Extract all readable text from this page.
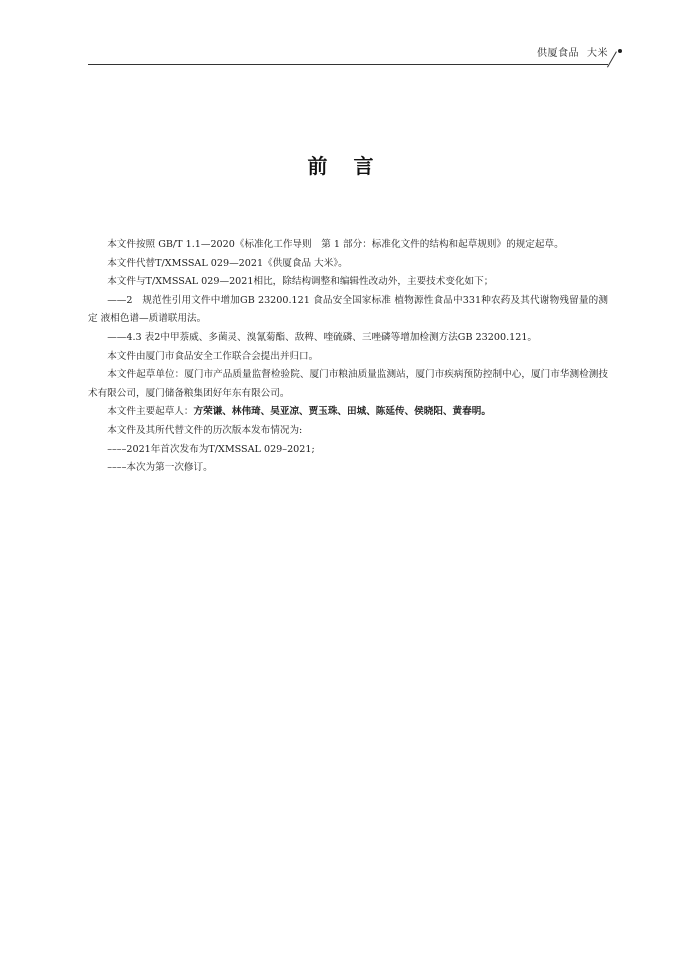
供厦食品 大米
前言

本文件按照 GB/T 1.1—2020《标准化工作导则　第 1 部分：标准化文件的结构和起草规则》的规定起草。

本文件代替T/XMSSAL 029—2021《供厦食品 大米》。

本文件与T/XMSSAL 029—2021相比，除结构调整和编辑性改动外，主要技术变化如下；

——2　规范性引用文件中增加GB 23200.121 食品安全国家标准 植物源性食品中331种农药及其代谢物残留量的测定 液相色谱—质谱联用法。

——4.3 表2中甲萘威、多菌灵、溴氰菊酯、敌稗、喹硫磷、三唑磷等增加检测方法GB 23200.121。

本文件由厦门市食品安全工作联合会提出并归口。

本文件起草单位：厦门市产品质量监督检验院、厦门市粮油质量监测站，厦门市疾病预防控制中心，厦门市华测检测技术有限公司，厦门储备粮集团好年东有限公司。

本文件主要起草人：方荣谦、林伟琦、吴亚凉、贾玉珠、田城、陈延传、侯晓阳、黄春明。

本文件及其所代替文件的历次版本发布情况为:

––––2021年首次发布为T/XMSSAL 029–2021;

––––本次为第一次修订。
